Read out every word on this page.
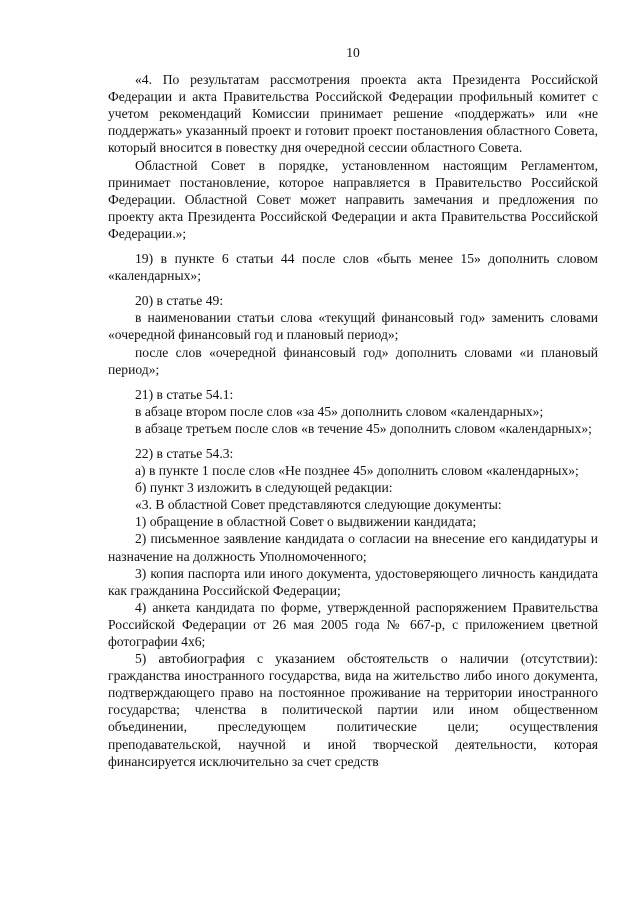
10

«4. По результатам рассмотрения проекта акта Президента Российской Федерации и акта Правительства Российской Федерации профильный комитет с учетом рекомендаций Комиссии принимает решение «поддержать» или «не поддержать» указанный проект и готовит проект постановления областного Совета, который вносится в повестку дня очередной сессии областного Совета.

Областной Совет в порядке, установленном настоящим Регламентом, принимает постановление, которое направляется в Правительство Российской Федерации. Областной Совет может направить замечания и предложения по проекту акта Президента Российской Федерации и акта Правительства Российской Федерации.»;

19) в пункте 6 статьи 44 после слов «быть менее 15» дополнить словом «календарных»;

20) в статье 49:

в наименовании статьи слова «текущий финансовый год» заменить словами «очередной финансовый год и плановый период»;

после слов «очередной финансовый год» дополнить словами «и плановый период»;

21) в статье 54.1:

в абзаце втором после слов «за 45» дополнить словом «календарных»;

в абзаце третьем после слов «в течение 45» дополнить словом «календарных»;

22) в статье 54.3:

а) в пункте 1 после слов «Не позднее 45» дополнить словом «календарных»;

б) пункт 3 изложить в следующей редакции:

«3. В областной Совет представляются следующие документы:

1) обращение в областной Совет о выдвижении кандидата;

2) письменное заявление кандидата о согласии на внесение его кандидатуры и назначение на должность Уполномоченного;

3) копия паспорта или иного документа, удостоверяющего личность кандидата как гражданина Российской Федерации;

4) анкета кандидата по форме, утвержденной распоряжением Правительства Российской Федерации от 26 мая 2005 года № 667-р, с приложением цветной фотографии 4x6;

5) автобиография с указанием обстоятельств о наличии (отсутствии): гражданства иностранного государства, вида на жительство либо иного документа, подтверждающего право на постоянное проживание на территории иностранного государства; членства в политической партии или ином общественном объединении, преследующем политические цели; осуществления преподавательской, научной и иной творческой деятельности, которая финансируется исключительно за счет средств
